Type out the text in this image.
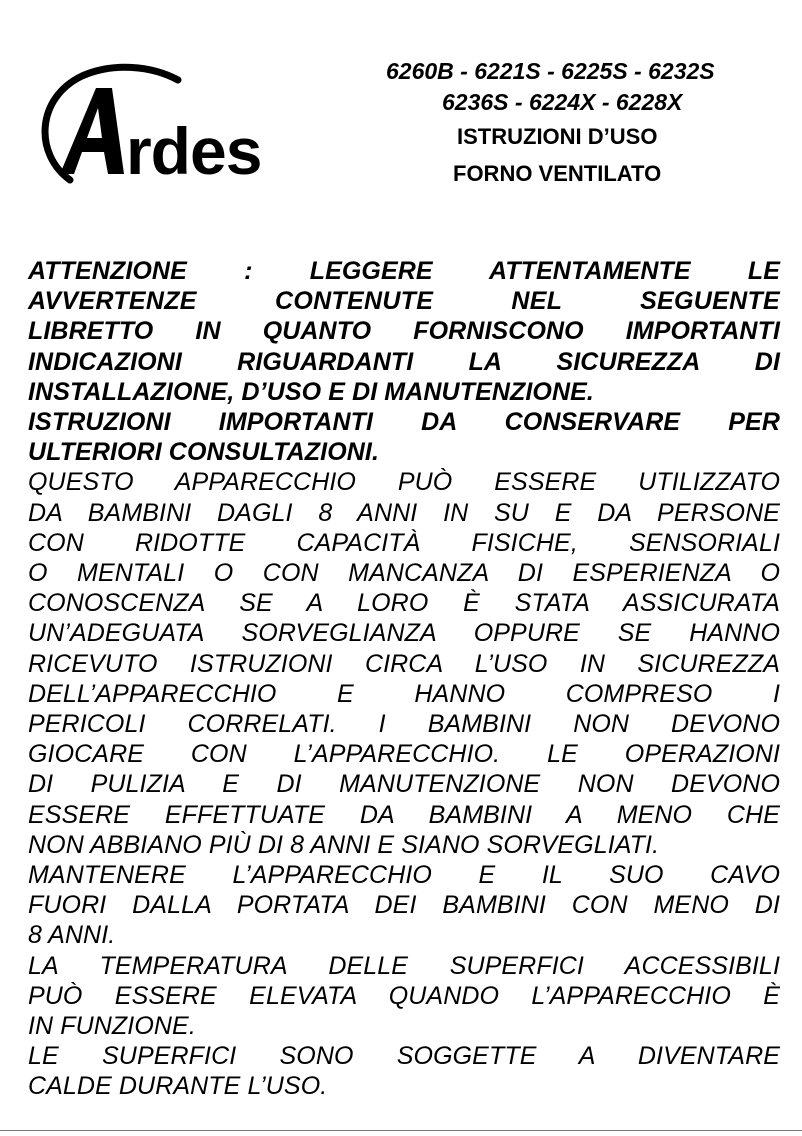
rdes
6260B - 6221S - 6225S - 6232S
6236S - 6224X - 6228X
ISTRUZIONI D’USO
FORNO VENTILATO
ATTENZIONE : LEGGERE ATTENTAMENTE LE
AVVERTENZE CONTENUTE NEL SEGUENTE
LIBRETTO IN QUANTO FORNISCONO IMPORTANTI
INDICAZIONI RIGUARDANTI LA SICUREZZA DI
INSTALLAZIONE, D’USO E DI MANUTENZIONE.
ISTRUZIONI IMPORTANTI DA CONSERVARE PER
ULTERIORI CONSULTAZIONI.
QUESTO APPARECCHIO PUÒ ESSERE UTILIZZATO
DA BAMBINI DAGLI 8 ANNI IN SU E DA PERSONE
CON RIDOTTE CAPACITÀ FISICHE, SENSORIALI
O MENTALI O CON MANCANZA DI ESPERIENZA O
CONOSCENZA SE A LORO È STATA ASSICURATA
UN’ADEGUATA SORVEGLIANZA OPPURE SE HANNO
RICEVUTO ISTRUZIONI CIRCA L’USO IN SICUREZZA
DELL’APPARECCHIO E HANNO COMPRESO I
PERICOLI CORRELATI. I BAMBINI NON DEVONO
GIOCARE CON L’APPARECCHIO. LE OPERAZIONI
DI PULIZIA E DI MANUTENZIONE NON DEVONO
ESSERE EFFETTUATE DA BAMBINI A MENO CHE
NON ABBIANO PIÙ DI 8 ANNI E SIANO SORVEGLIATI.
MANTENERE L’APPARECCHIO E IL SUO CAVO
FUORI DALLA PORTATA DEI BAMBINI CON MENO DI
8 ANNI.
LA TEMPERATURA DELLE SUPERFICI ACCESSIBILI
PUÒ ESSERE ELEVATA QUANDO L’APPARECCHIO È
IN FUNZIONE.
LE SUPERFICI SONO SOGGETTE A DIVENTARE
CALDE DURANTE L’USO.
